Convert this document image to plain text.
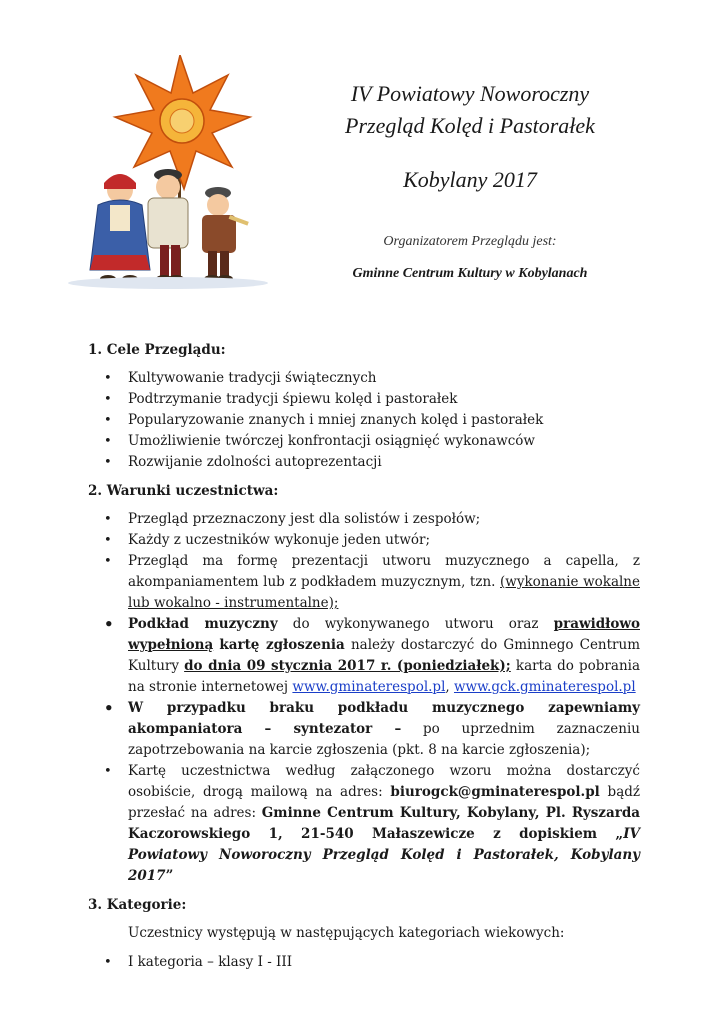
IV Powiatowy Noworoczny

Przegląd Kolęd i Pastorałek

Kobylany 2017

Organizatorem Przeglądu jest:
Gminne Centrum Kultury w Kobylanach
1. Cele Przeglądu:
• Kultywowanie tradycji świątecznych
• Podtrzymanie tradycji śpiewu kolęd i pastorałek
• Popularyzowanie znanych i mniej znanych kolęd i pastorałek
• Umożliwienie twórczej konfrontacji osiągnięć wykonawców
• Rozwijanie zdolności autoprezentacji
2. Warunki uczestnictwa:
• Przegląd przeznaczony jest dla solistów i zespołów;
• Każdy z uczestników wykonuje jeden utwór;
• Przegląd ma formę prezentacji utworu muzycznego a capella, z akompaniamentem lub z podkładem muzycznym, tzn. (wykonanie wokalne lub wokalno - instrumentalne);
• Podkład muzyczny do wykonywanego utworu oraz prawidłowo wypełnioną kartę zgłoszenia należy dostarczyć do Gminnego Centrum Kultury do dnia 09 stycznia 2017 r. (poniedziałek); karta do pobrania na stronie internetowej www.gminaterespol.pl, www.gck.gminaterespol.pl
• W przypadku braku podkładu muzycznego zapewniamy akompaniatora – syntezator – po uprzednim zaznaczeniu zapotrzebowania na karcie zgłoszenia (pkt. 8 na karcie zgłoszenia);
• Kartę uczestnictwa według załączonego wzoru można dostarczyć osobiście, drogą mailową na adres: biurogck@gminaterespol.pl bądź przesłać na adres: Gminne Centrum Kultury, Kobylany, Pl. Ryszarda Kaczorowskiego 1, 21-540 Małaszewicze z dopiskiem „IV Powiatowy Noworoczny Przegląd Kolęd i Pastorałek, Kobylany 2017”
3. Kategorie:
Uczestnicy występują w następujących kategoriach wiekowych:
• I kategoria – klasy I - III
